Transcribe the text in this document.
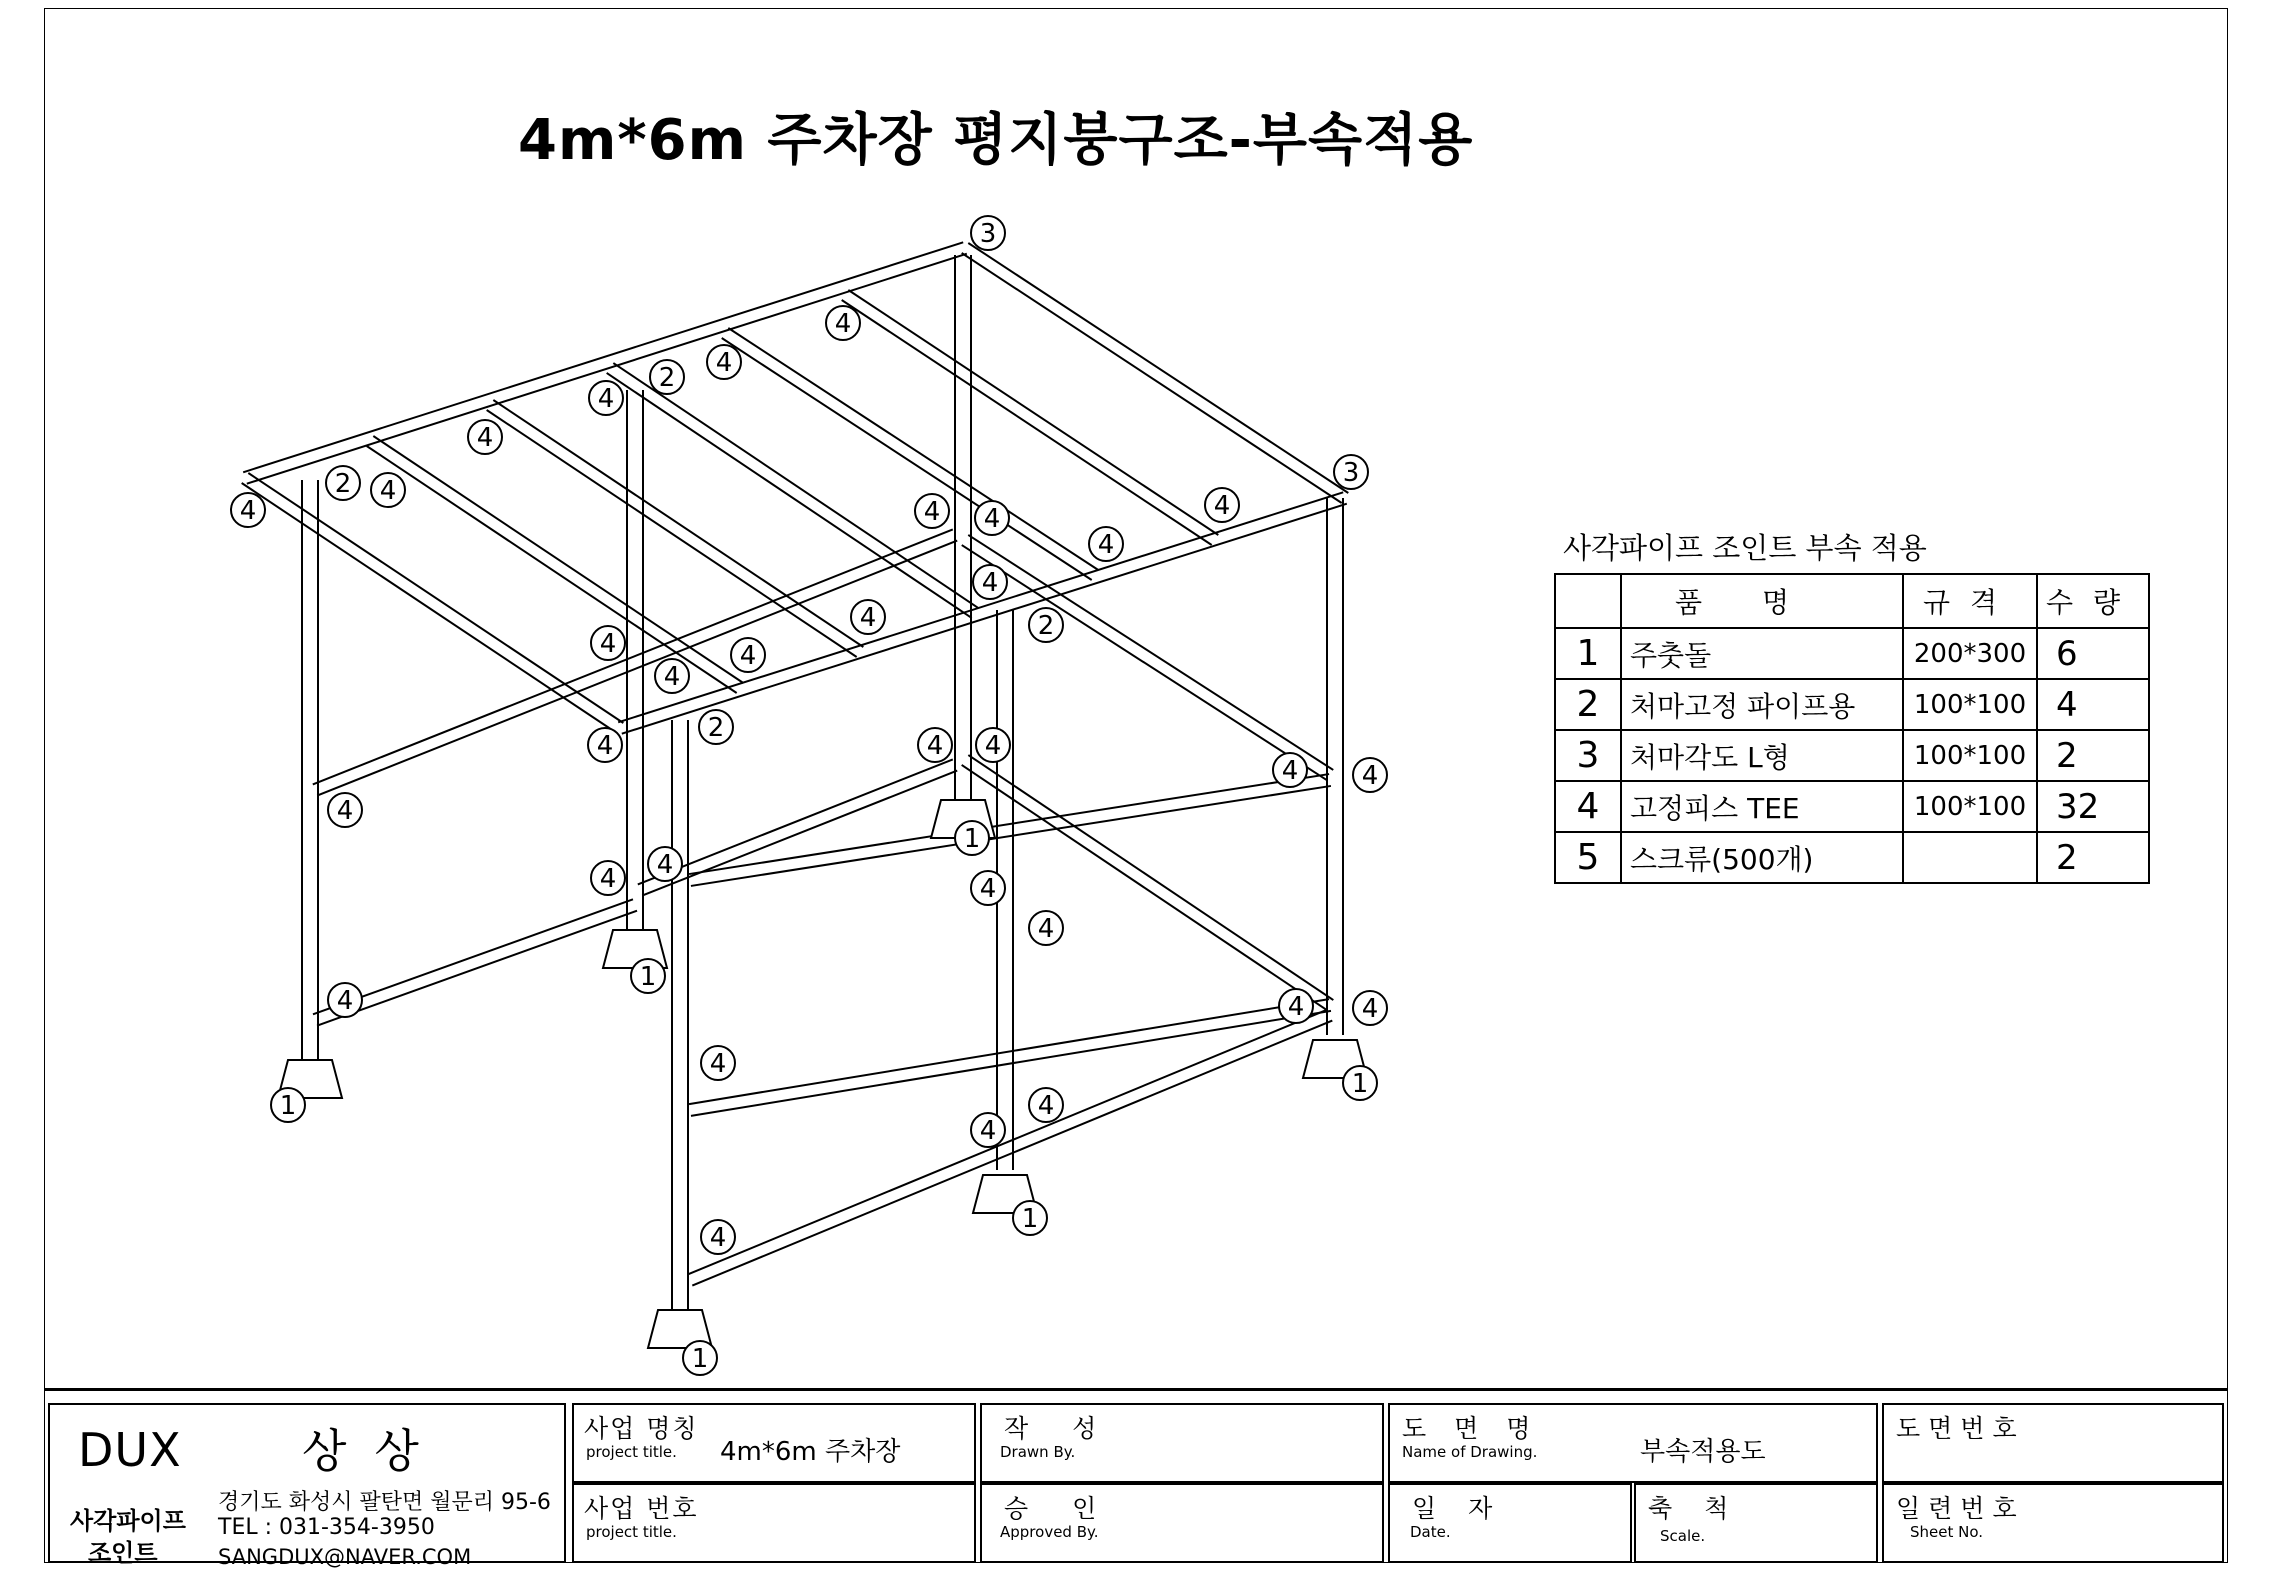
4m*6m 주차장 평지붕구조-부속적용
1
1
1
1
1
1
2
2
2
2
3
3
4
4
4
4
4
4
4 4
4
4
4
4
4
4
4
4	4 4
4
4 4
4 4
4
4
4
4
4 4
4
4
4
사각파이프 조인트 부속 적용
	품명	규격	수량
1	주춧돌	200*300	6
2	처마고정 파이프용	100*100	4
3	처마각도 L형	100*100	2
4	고정피스 TEE	100*100	32
5	스크류(500개)		2
DUX	상상
사각파이프
조인트
경기도 화성시 팔탄면 월문리 95-6
TEL : 031-354-3950
SANGDUX@NAVER.COM
사업 명칭
project title. 4m*6m 주차장
사업 번호
project title.
작 성
Drawn By.
승 인
Approved By.
도 면 명
Name of Drawing.	부속적용도
일 자
Date.
축 척
Scale.
도면번호
일련번호
Sheet No.
